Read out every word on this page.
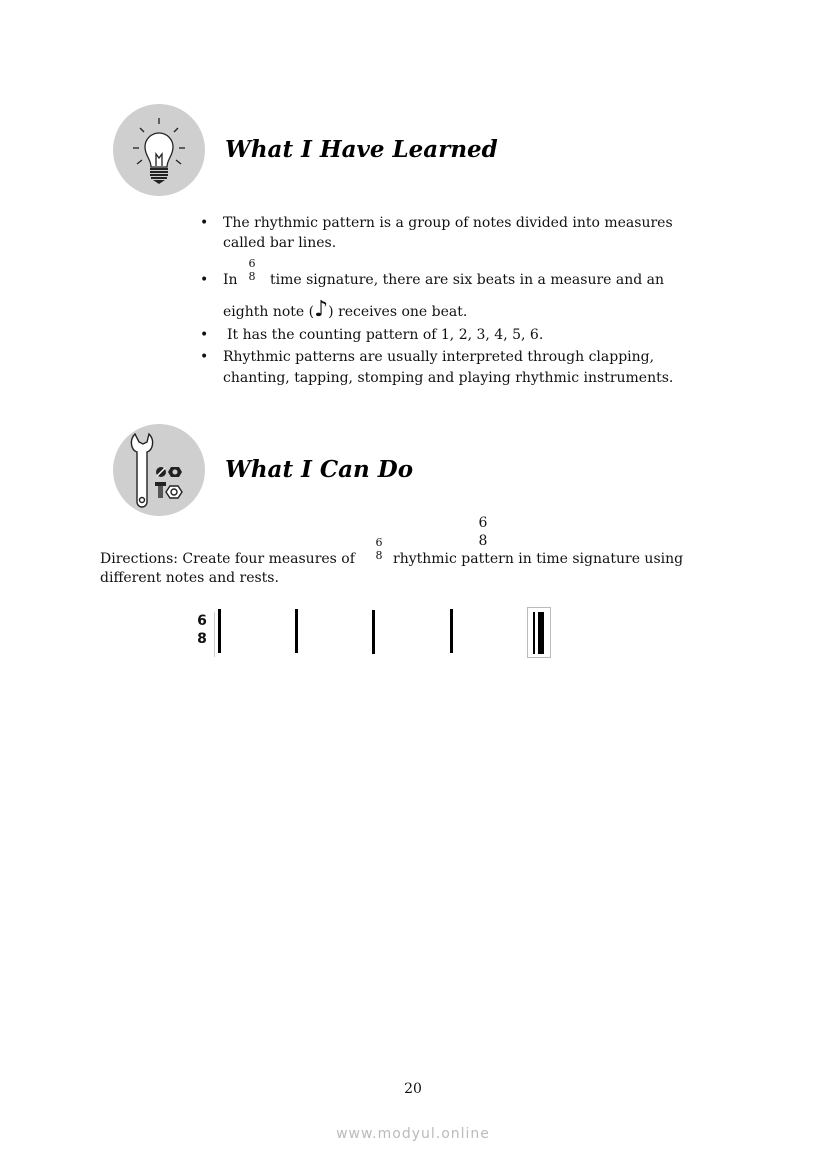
What I Have Learned
• The rhythmic pattern is a group of notes divided into measures
called bar lines.
• In
6
8 time signature, there are six beats in a measure and an
eighth note (♪) receives one beat.
• It has the counting pattern of 1, 2, 3, 4, 5, 6.
• Rhythmic patterns are usually interpreted through clapping,
chanting, tapping, stomping and playing rhythmic instruments.
What I Can Do
6
8
Directions: Create four measures of
6
8 rhythmic pattern in time signature using
different notes and rests.
6
8
20
www.modyul.online
